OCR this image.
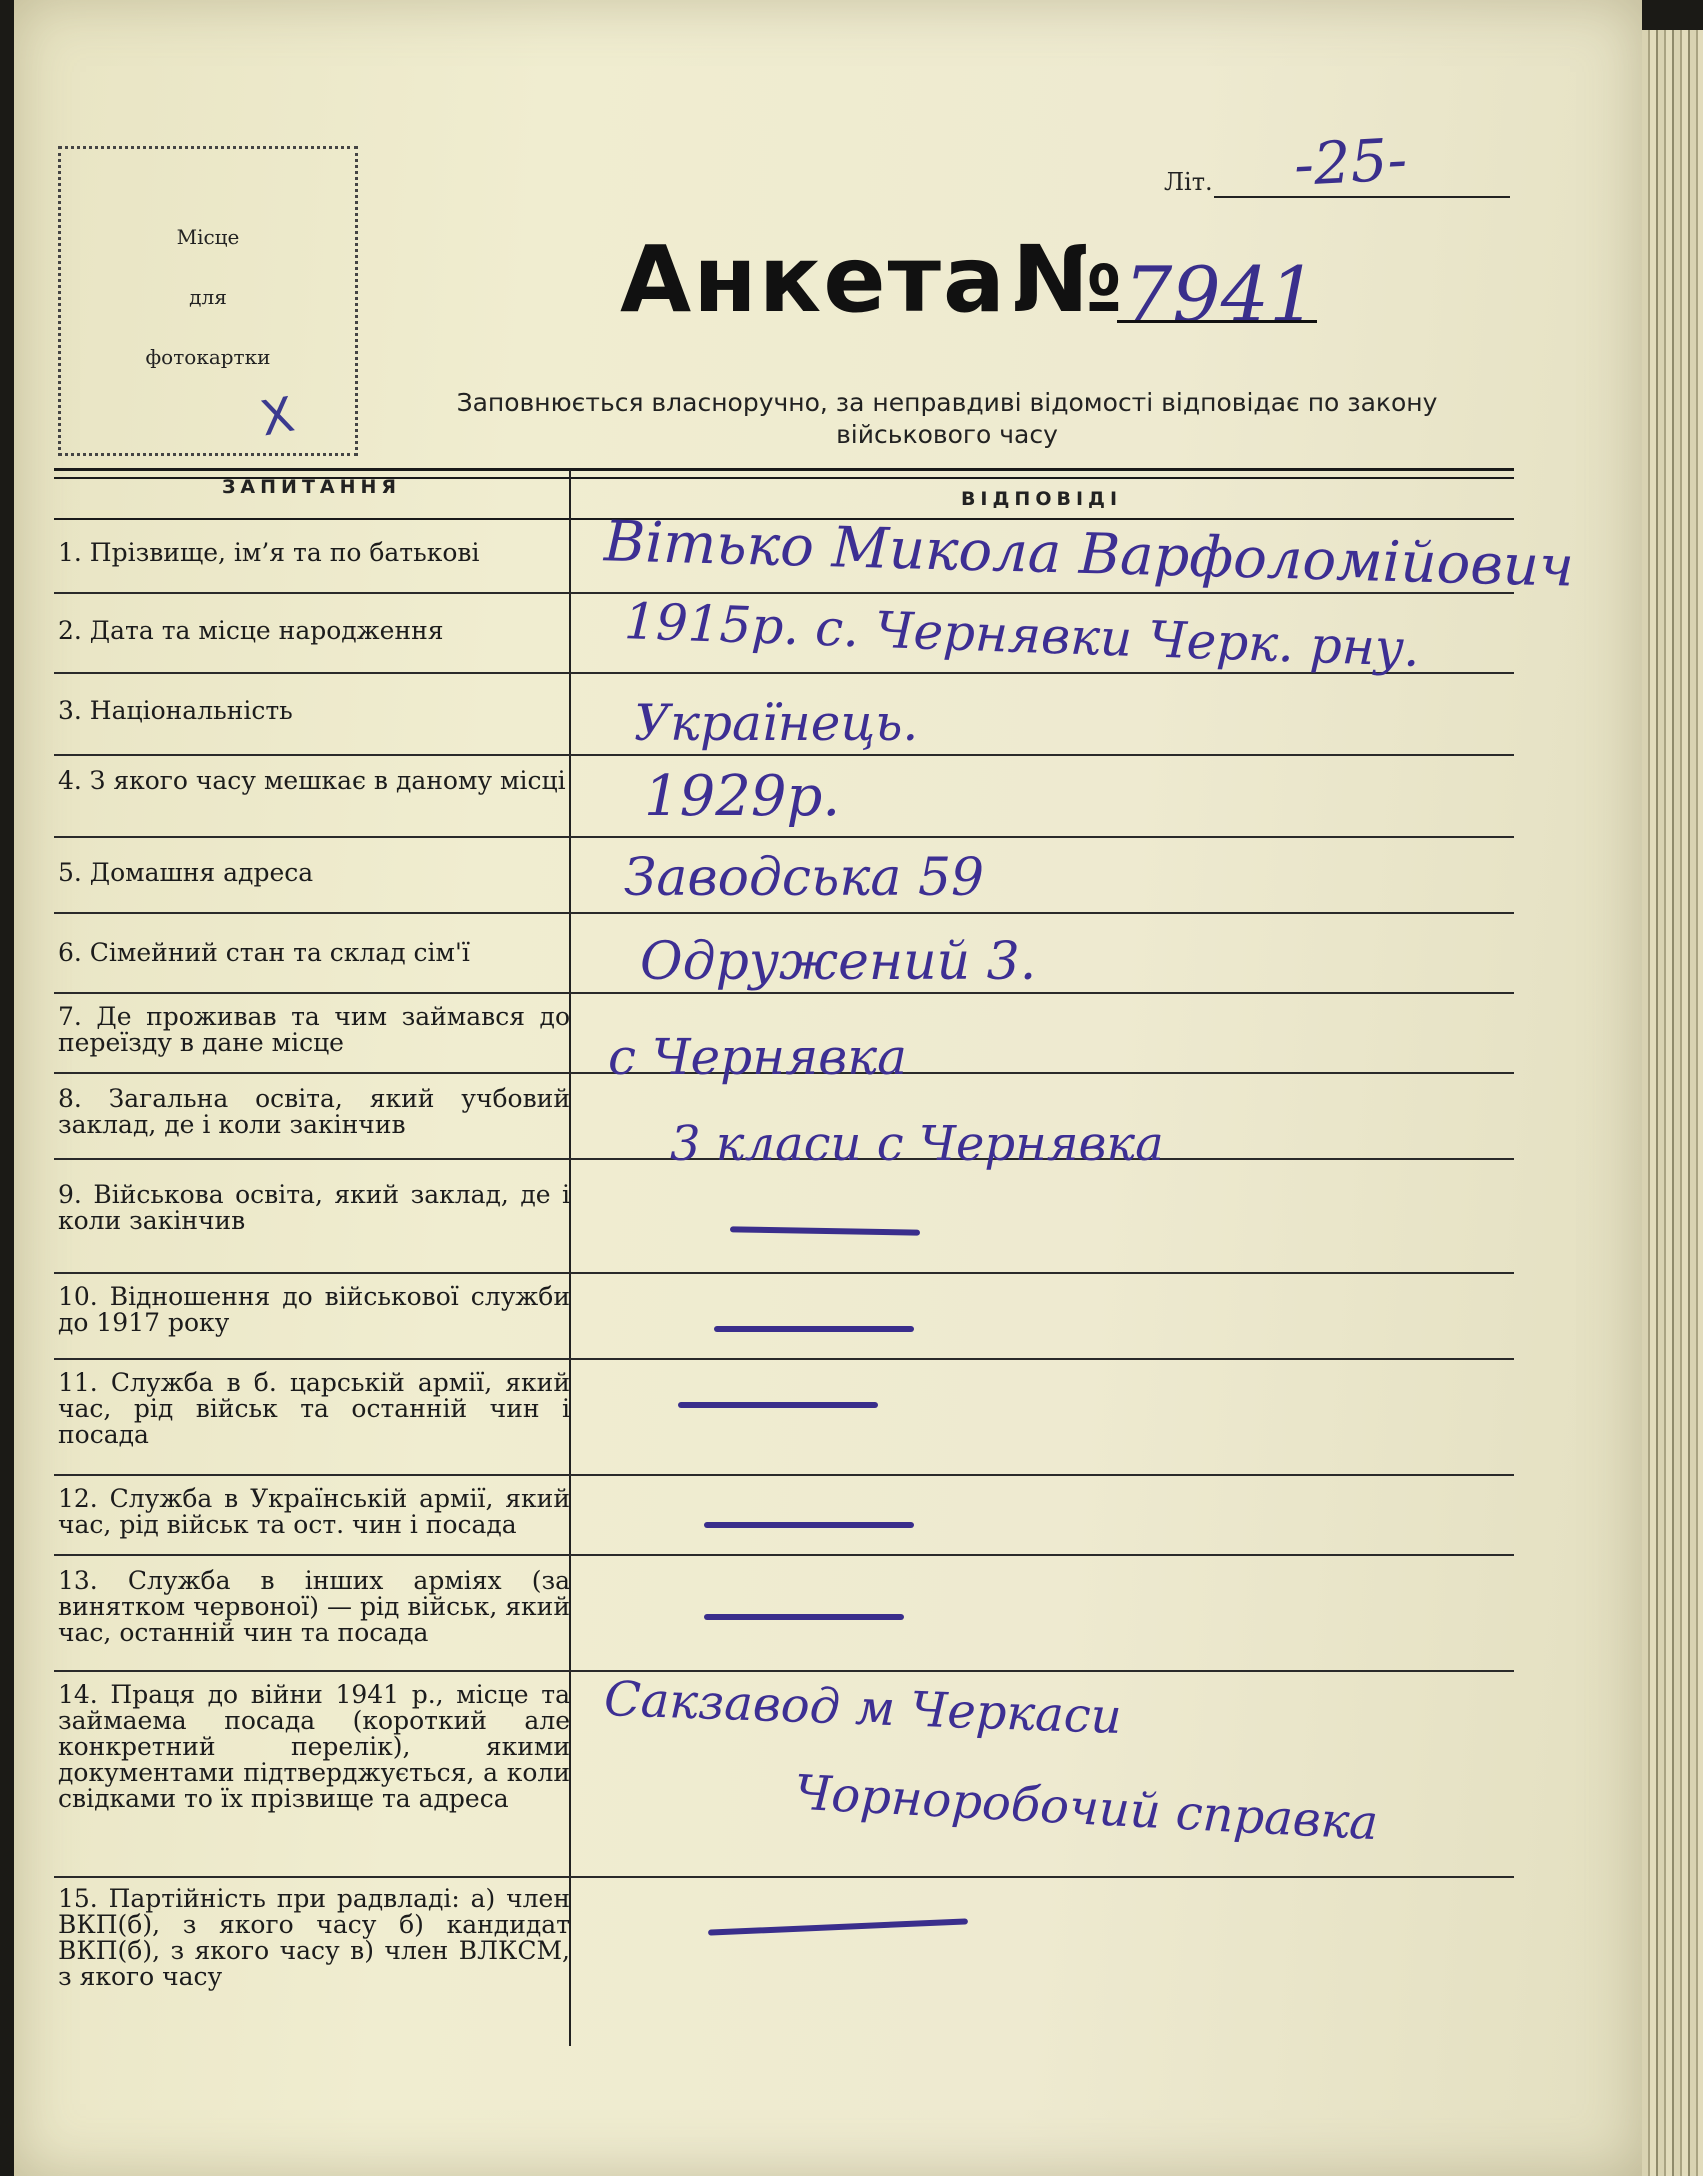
Місце
для
фотокартки
X
Літ. -25-
Анкета № 7941
Заповнюється власноручно, за неправдиві відомості відповідає по закону
військового часу
ЗАПИТАННЯ
ВІДПОВІДІ
1. Прізвище, ім’я та по батькові
2. Дата та місце народження
3. Національність
4. З якого часу мешкає в даному місці
5. Домашня адреса
6. Сімейний стан та склад сім'ї
7. Де проживав та чим займався до переїзду в дане місце
8. Загальна освіта, який учбовий заклад, де і коли закінчив
9. Військова освіта, який заклад, де і коли закінчив
10. Відношення до військової служби до 1917 року
11. Служба в б. царській армії, який час, рід військ та останній чин і посада
12. Служба в Українській армії, який час, рід військ та ост. чин і посада
13. Служба в інших арміях (за винятком червоної) — рід військ, який час, останній чин та посада
14. Праця до війни 1941 р., місце та займаема посада (короткий але конкретний перелік), якими документами підтверджується, а коли свідками то їх прізвище та адреса
15. Партійність при радвладі: а) член ВКП(б), з якого часу б) кандидат ВКП(б), з якого часу в) член ВЛКСМ, з якого часу
Вітько Микола Варфоломійович
1915р. с. Чернявки Черк. рну.
Українець.
1929р.
Заводська 59
Одружений 3.
с Чернявка
3 класи с Чернявка
Сакзавод м Черкаси
Чорноробочий справка
